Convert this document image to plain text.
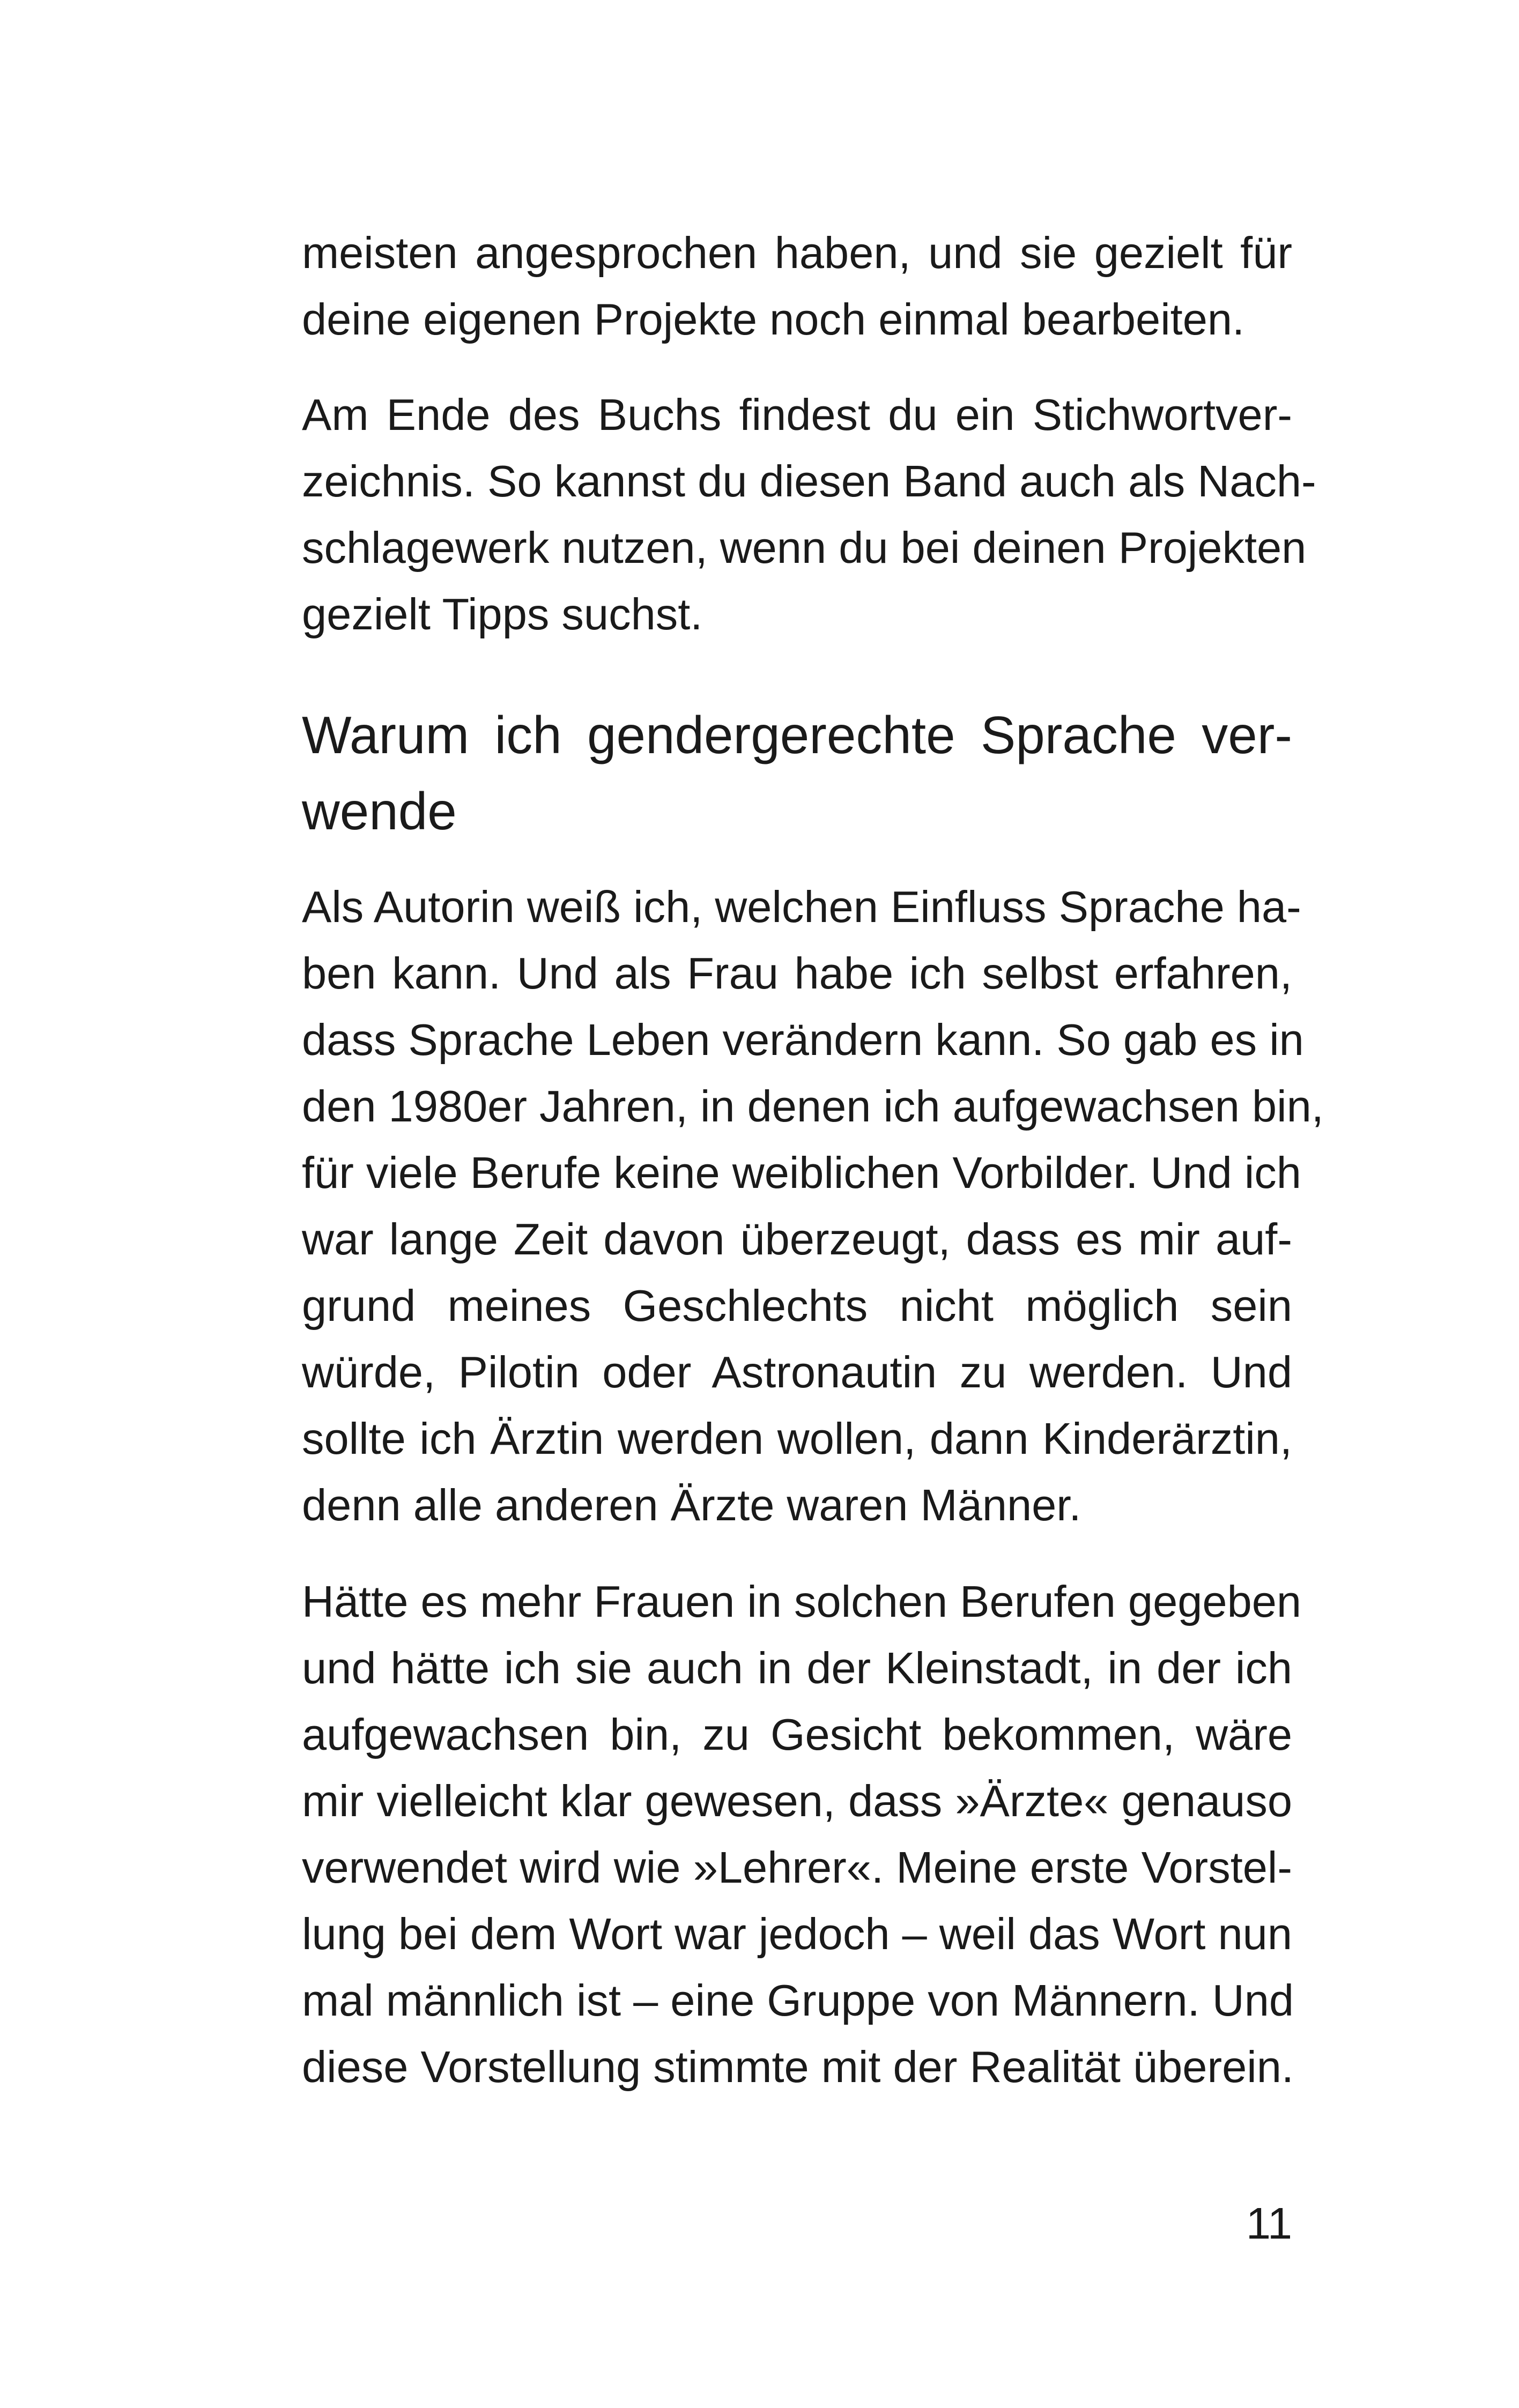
meisten angesprochen haben, und sie gezielt für
deine eigenen Projekte noch einmal bearbeiten.
Am Ende des Buchs findest du ein Stichwortver-
zeichnis. So kannst du diesen Band auch als Nach-
schlagewerk nutzen, wenn du bei deinen Projekten
gezielt Tipps suchst.
Warum ich gendergerechte Sprache ver-
wende
Als Autorin weiß ich, welchen Einfluss Sprache ha-
ben kann. Und als Frau habe ich selbst erfahren,
dass Sprache Leben verändern kann. So gab es in
den 1980er Jahren, in denen ich aufgewachsen bin,
für viele Berufe keine weiblichen Vorbilder. Und ich
war lange Zeit davon überzeugt, dass es mir auf-
grund meines Geschlechts nicht möglich sein
würde, Pilotin oder Astronautin zu werden. Und
sollte ich Ärztin werden wollen, dann Kinderärztin,
denn alle anderen Ärzte waren Männer.
Hätte es mehr Frauen in solchen Berufen gegeben
und hätte ich sie auch in der Kleinstadt, in der ich
aufgewachsen bin, zu Gesicht bekommen, wäre
mir vielleicht klar gewesen, dass »Ärzte« genauso
verwendet wird wie »Lehrer«. Meine erste Vorstel-
lung bei dem Wort war jedoch – weil das Wort nun
mal männlich ist – eine Gruppe von Männern. Und
diese Vorstellung stimmte mit der Realität überein.
11
